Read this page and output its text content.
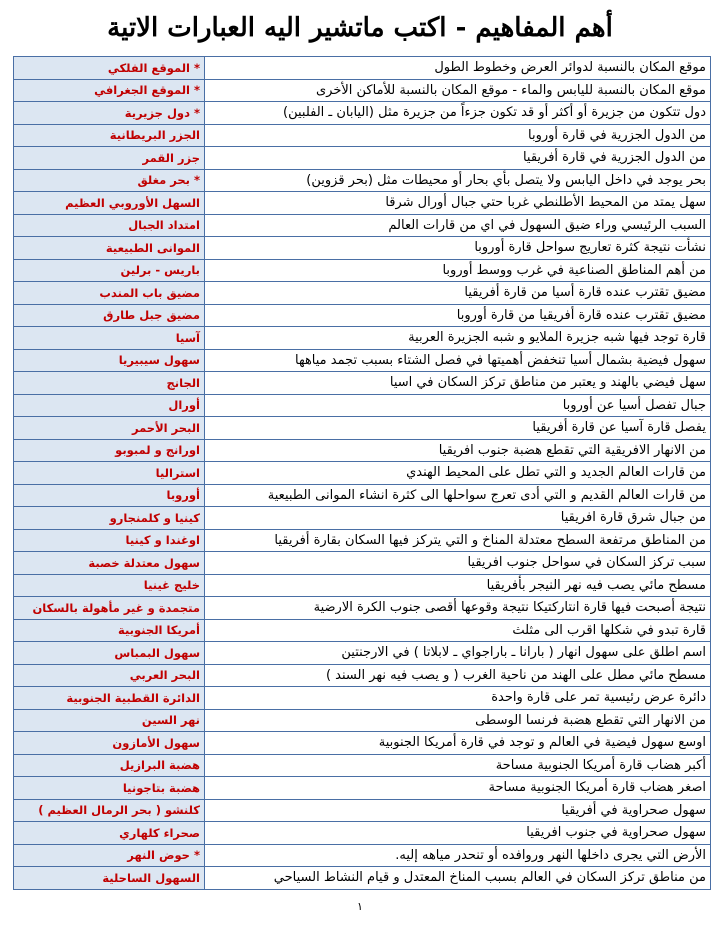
أهم المفاهيم - اكتب ماتشير اليه العبارات الاتية
موقع المكان بالنسبة لدوائر العرض وخطوط الطول	* الموقع الفلكي
موقع المكان بالنسبة لليابس والماء - موقع المكان بالنسبة للأماكن الأخرى	* الموقع الجغرافي
دول تتكون من جزيرة أو أكثر أو قد تكون جزءاً من جزيرة مثل (اليابان ـ الفلبين)	* دول جزيرية
من الدول الجزرية في قارة أوروبا	الجزر البريطانية
من الدول الجزرية في قارة أفريقيا	جزر القمر
بحر يوجد في داخل اليابس ولا يتصل بأي بحار أو محيطات مثل (بحر قزوين)	* بحر مغلق
سهل يمتد من المحيط الأطلنطي غربا حتي جبال أورال شرقا	السهل الأوروبي العظيم
السبب الرئيسي وراء ضيق السهول في اي من قارات العالم	امتداد الجبال
نشأت نتيجة كثرة تعاريج سواحل قارة أوروبا	الموانى الطبيعية
من أهم المناطق الصناعية في غرب ووسط أوروبا	باريس - برلين
مضيق تقترب عنده قارة أسيا من قارة أفريقيا	مضيق باب المندب
مضيق تقترب عنده قارة أفريقيا من قارة أوروبا	مضيق جبل طارق
قارة توجد فيها شبه جزيرة الملايو و شبه الجزيرة العربية	آسيا
سهول فيضية بشمال أسيا تنخفض أهميتها في فصل الشتاء بسبب تجمد مياهها	سهول سيبيريا
سهل فيضي بالهند و يعتبر من مناطق تركز السكان في اسيا	الجانج
جبال تفصل أسيا عن أوروبا	أورال
يفصل قارة آسيا عن قارة أفريقيا	البحر الأحمر
من الانهار الافريقية التي تقطع هضبة جنوب افريقيا	اورانج و لمبوبو
من قارات العالم الجديد و التي تطل على المحيط الهندي	استراليا
من قارات العالم القديم و التي أدى تعرج سواحلها الى كثرة انشاء الموانى الطبيعية	أوروبا
من جبال شرق قارة افريقيا	كينيا و كلمنجارو
من المناطق مرتفعة السطح معتدلة المناخ و التي يتركز فيها السكان بقارة أفريقيا	اوغندا و كينيا
سبب تركز السكان في سواحل جنوب افريقيا	سهول معتدلة خصبة
مسطح مائي يصب فيه نهر النيجر بأفريقيا	خليج غينيا
نتيجة أصبحت فيها قارة انتاركتيكا نتيجة وقوعها أقصى جنوب الكرة الارضية	متجمدة و غير مأهولة بالسكان
قارة تبدو في شكلها اقرب الى مثلث	أمريكا الجنوبية
اسم اطلق على سهول انهار ( بارانا ـ باراجواي ـ لابلاتا ) في الارجنتين	سهول البمباس
مسطح مائي مطل على الهند من ناحية الغرب ( و يصب فيه نهر السند )	البحر العربي
دائرة عرض رئيسية تمر على قارة واحدة	الدائرة القطبية الجنوبية
من الانهار التي تقطع هضبة فرنسا الوسطى	نهر السين
اوسع سهول فيضية في العالم و توجد في قارة أمريكا الجنوبية	سهول الأمازون
أكبر هضاب قارة أمريكا الجنوبية مساحة	هضبة البرازيل
اصغر هضاب قارة أمريكا الجنوبية مساحة	هضبة بتاجونيا
سهول صحراوية في أفريقيا	كلنشو ( بحر الرمال العظيم )
سهول صحراوية في جنوب افريقيا	صحراء كلهاري
الأرض التي يجرى داخلها النهر وروافده أو تنحدر مياهه إليه.	* حوض النهر
من مناطق تركز السكان في العالم بسبب المناخ المعتدل و قيام النشاط السياحي	السهول الساحلية
١
